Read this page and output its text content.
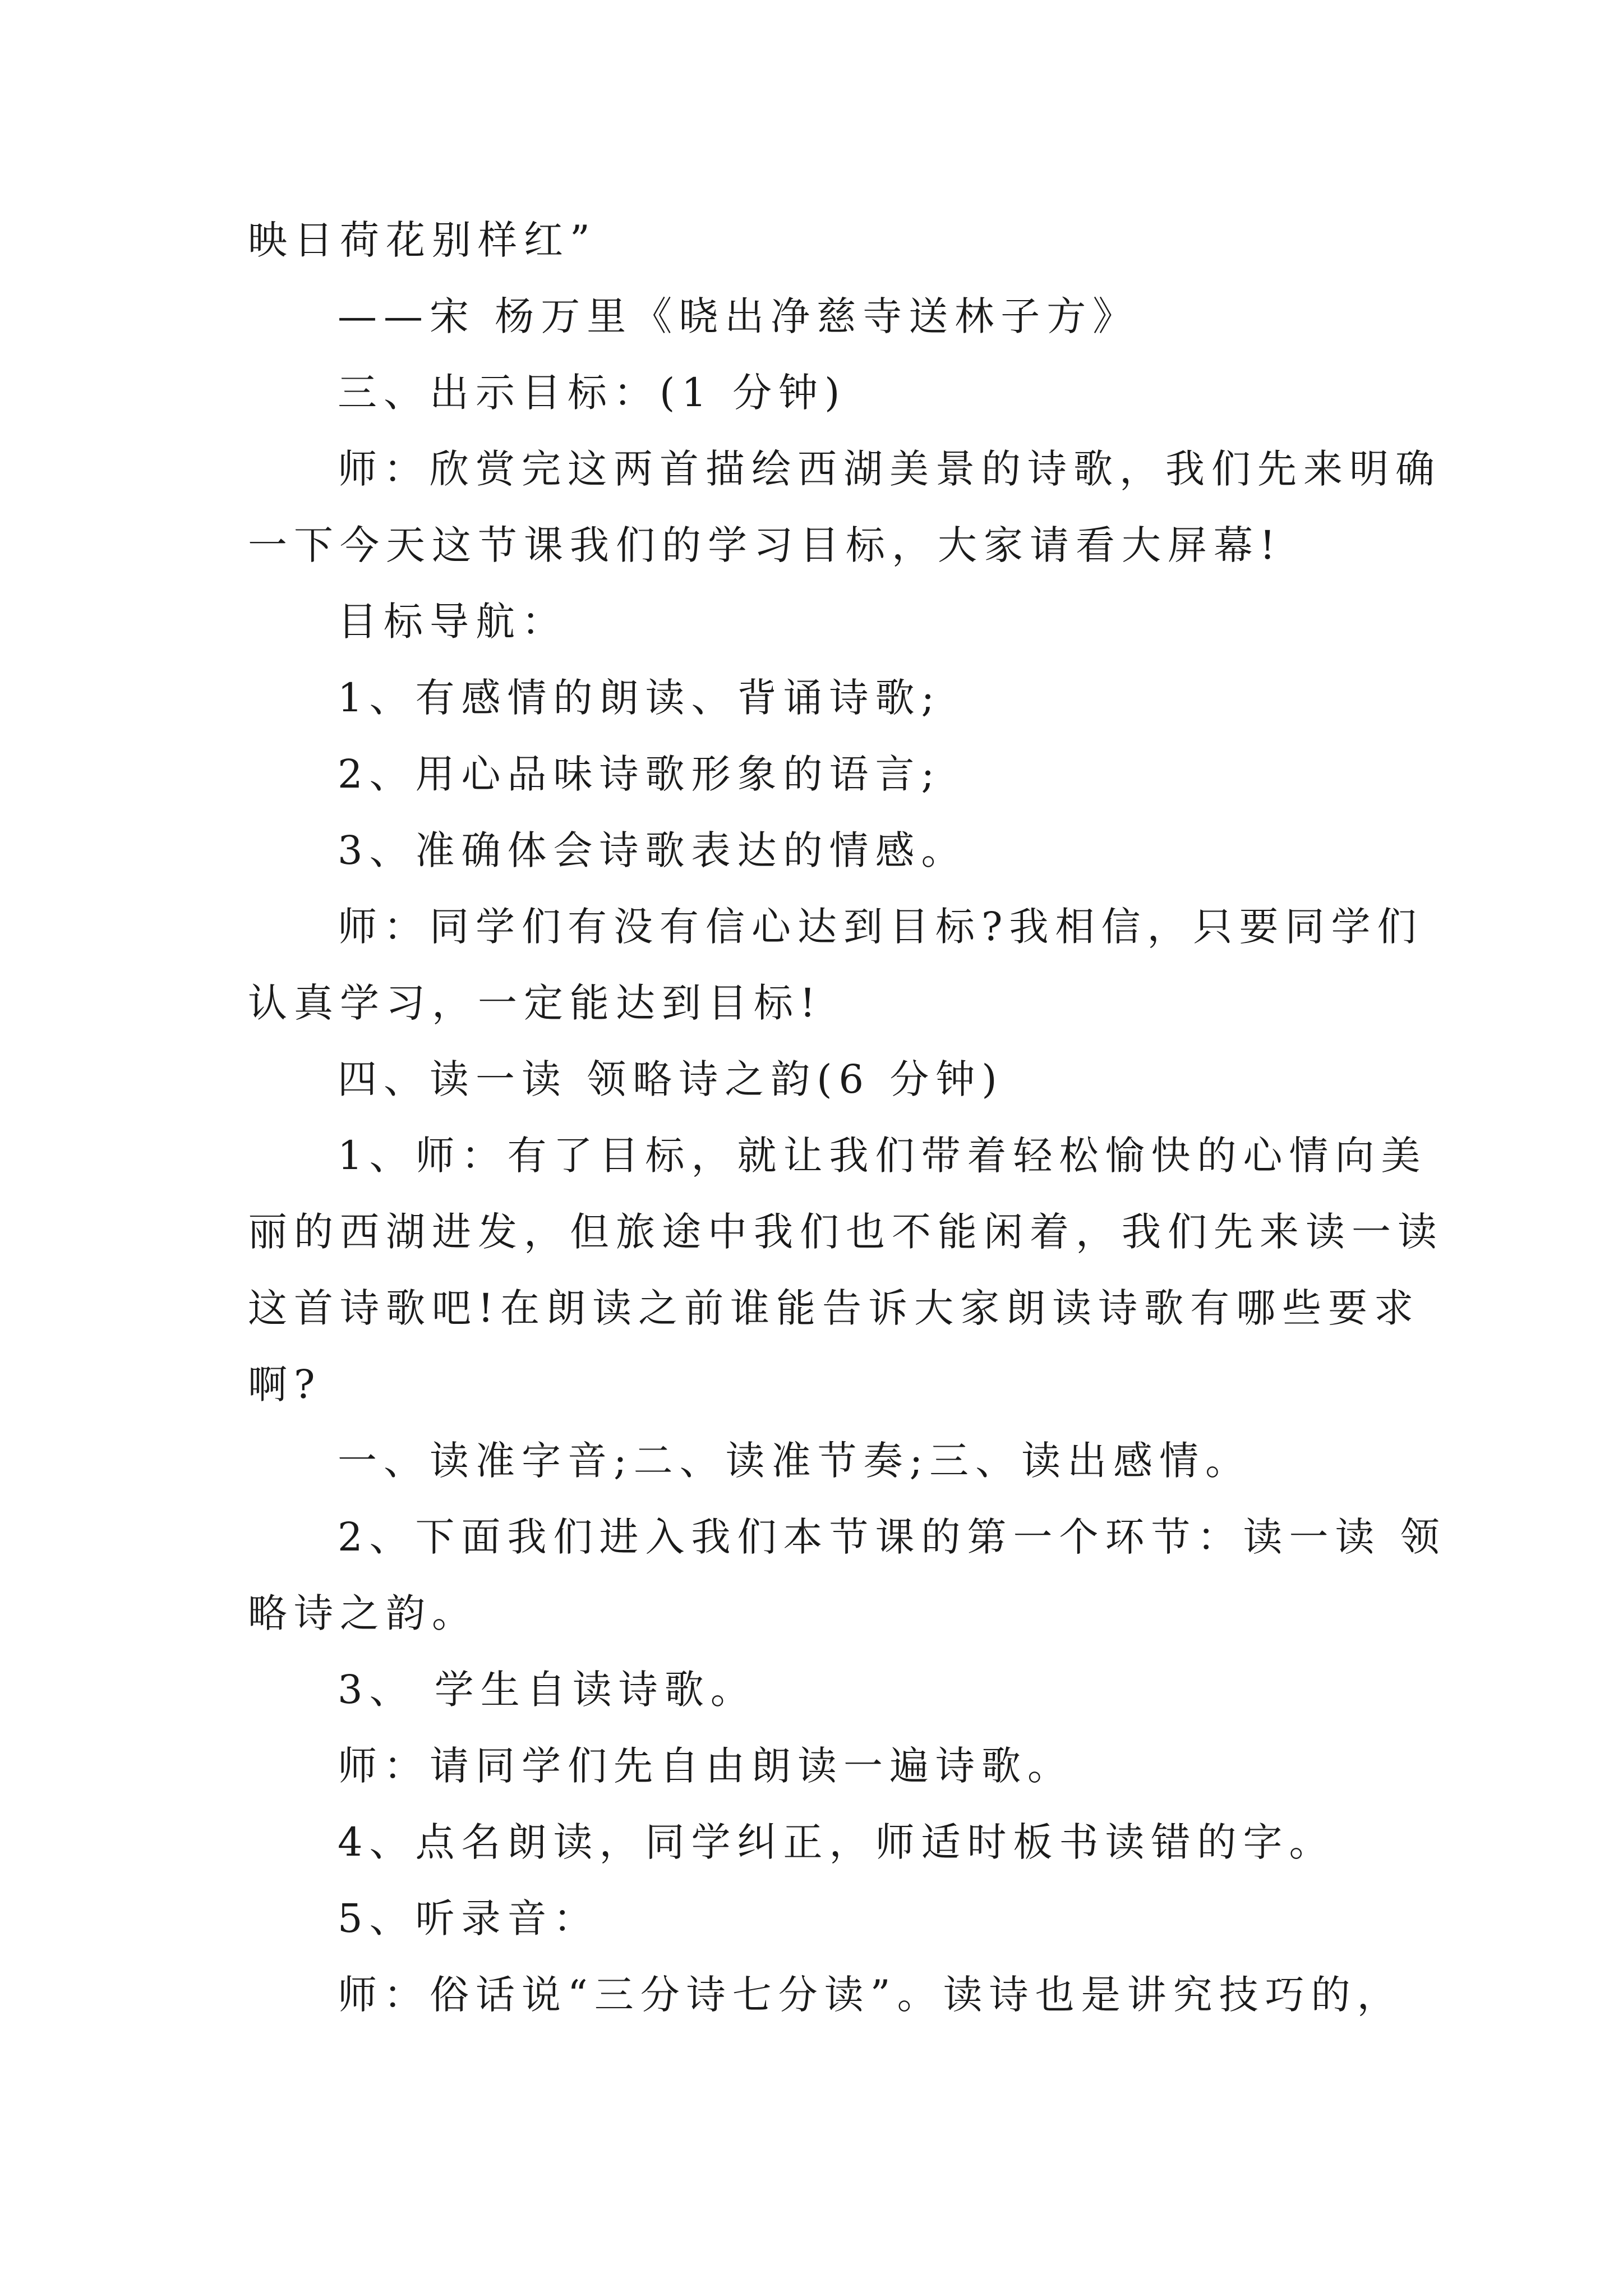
映日荷花别样红”
——宋 杨万里《晓出净慈寺送林子方》
三、出示目标：(1 分钟)
师：欣赏完这两首描绘西湖美景的诗歌，我们先来明确
一下今天这节课我们的学习目标，大家请看大屏幕!
目标导航：
1、有感情的朗读、背诵诗歌;
2、用心品味诗歌形象的语言;
3、准确体会诗歌表达的情感。
师：同学们有没有信心达到目标?我相信，只要同学们
认真学习，一定能达到目标!
四、读一读 领略诗之韵(6 分钟)
1、师：有了目标，就让我们带着轻松愉快的心情向美
丽的西湖进发，但旅途中我们也不能闲着，我们先来读一读
这首诗歌吧!在朗读之前谁能告诉大家朗读诗歌有哪些要求
啊?
一、读准字音;二、读准节奏;三、读出感情。
2、下面我们进入我们本节课的第一个环节：读一读 领
略诗之韵。
3、 学生自读诗歌。
师：请同学们先自由朗读一遍诗歌。
4、点名朗读，同学纠正，师适时板书读错的字。
5、听录音：
师：俗话说“三分诗七分读”。读诗也是讲究技巧的，
